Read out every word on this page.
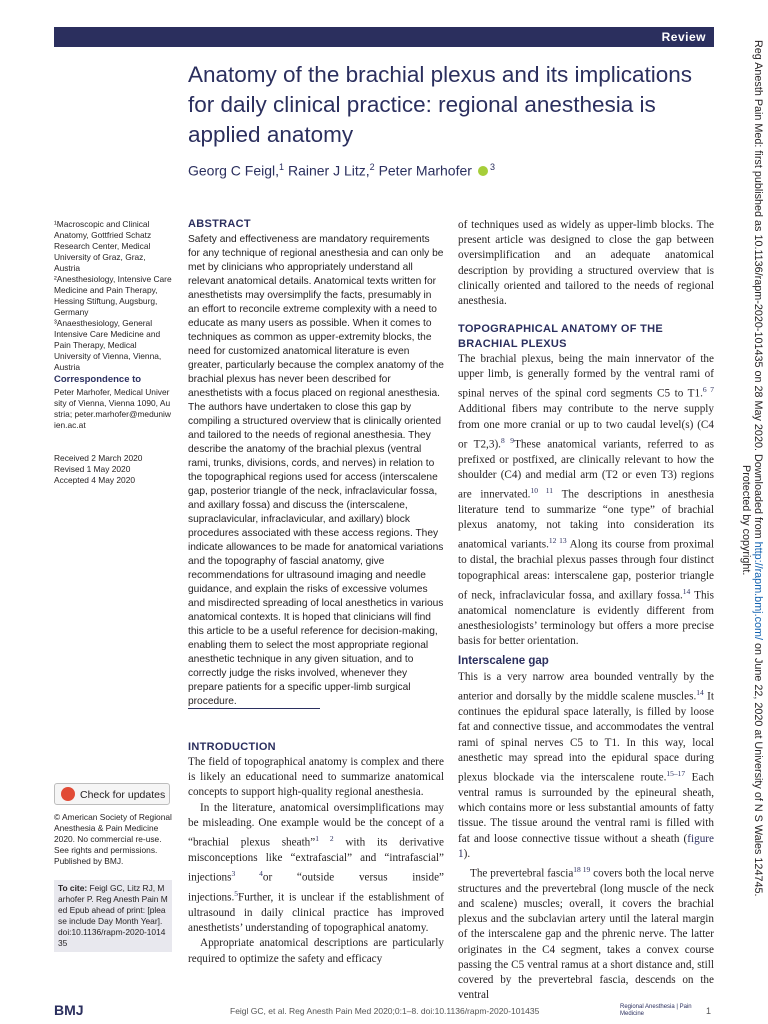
Review
Anatomy of the brachial plexus and its implications for daily clinical practice: regional anesthesia is applied anatomy
Georg C Feigl,$^1$ Rainer J Litz,$^2$ Peter Marhofer $^3$

¹Macroscopic and Clinical Anatomy, Gottfried Schatz Research Center, Medical University of Graz, Graz, Austria

²Anesthesiology, Intensive Care Medicine and Pain Therapy, Hessing Stiftung, Augsburg, Germany

³Anaesthesiology, General Intensive Care Medicine and Pain Therapy, Medical University of Vienna, Vienna, Austria

Correspondence to

Peter Marhofer, Medical University of Vienna, Vienna 1090, Austria; peter.marhofer@meduniwien.ac.at

Received 2 March 2020

Revised 1 May 2020

Accepted 4 May 2020

Check for updates

© American Society of Regional Anesthesia & Pain Medicine 2020. No commercial re-use. See rights and permissions. Published by BMJ.

To cite: Feigl GC, Litz RJ, Marhofer P. Reg Anesth Pain Med Epub ahead of print: [please include Day Month Year]. doi:10.1136/rapm-2020-101435

ABSTRACT

Safety and effectiveness are mandatory requirements for any technique of regional anesthesia and can only be met by clinicians who appropriately understand all relevant anatomical details. Anatomical texts written for anesthetists may oversimplify the facts, presumably in an effort to reconcile extreme complexity with a need to educate as many users as possible. When it comes to techniques as common as upper-extremity blocks, the need for customized anatomical literature is even greater, particularly because the complex anatomy of the brachial plexus has never been described for anesthetists with a focus placed on regional anesthesia. The authors have undertaken to close this gap by compiling a structured overview that is clinically oriented and tailored to the needs of regional anesthesia. They describe the anatomy of the brachial plexus (ventral rami, trunks, divisions, cords, and nerves) in relation to the topographical regions used for access (interscalene gap, posterior triangle of the neck, infraclavicular fossa, and axillary fossa) and discuss the (interscalene, supraclavicular, infraclavicular, and axillary) block procedures associated with these access regions. They indicate allowances to be made for anatomical variations and the topography of fascial anatomy, give recommendations for ultrasound imaging and needle guidance, and explain the risks of excessive volumes and misdirected spreading of local anesthetics in various anatomical contexts. It is hoped that clinicians will find this article to be a useful reference for decision-making, enabling them to select the most appropriate regional anesthetic technique in any given situation, and to correctly judge the risks involved, whenever they prepare patients for a specific upper-limb surgical procedure.

INTRODUCTION

The field of topographical anatomy is complex and there is likely an educational need to summarize anatomical concepts to support high-quality regional anesthesia.

In the literature, anatomical oversimplifications may be misleading. One example would be the concept of a “brachial plexus sheath”$^{1 2}$ with its derivative misconceptions like “extrafascial” and “intrafascial” injections$^{3 4}$or “outside versus inside” injections.$^5$Further, it is unclear if the establishment of ultrasound in daily clinical practice has improved anesthetists’ understanding of topographical anatomy.

Appropriate anatomical descriptions are particularly required to optimize the safety and efficacy

of techniques used as widely as upper-limb blocks. The present article was designed to close the gap between oversimplification and an adequate anatomical description by providing a structured overview that is clinically oriented and tailored to the needs of regional anesthesia.

TOPOGRAPHICAL ANATOMY OF THE BRACHIAL PLEXUS

The brachial plexus, being the main innervator of the upper limb, is generally formed by the ventral rami of spinal nerves of the spinal cord segments C5 to T1.$^{6 7}$ Additional fibers may contribute to the nerve supply from one more cranial or up to two caudal level(s) (C4 or T2,3).$^{8 9}$These anatomical variants, referred to as prefixed or postfixed, are clinically relevant to how the shoulder (C4) and medial arm (T2 or even T3) regions are innervated.$^{10 11}$ The descriptions in anesthesia literature tend to summarize “one type” of brachial plexus anatomy, not taking into consideration its anatomical variants.$^{12 13}$ Along its course from proximal to distal, the brachial plexus passes through four distinct topographical areas: interscalene gap, posterior triangle of neck, infraclavicular fossa, and axillary fossa.$^{14}$ This anatomical nomenclature is evidently different from anesthesiologists’ terminology but offers a more precise basis for better orientation.

Interscalene gap

This is a very narrow area bounded ventrally by the anterior and dorsally by the middle scalene muscles.$^{14}$ It continues the epidural space laterally, is filled by loose fat and connective tissue, and accommodates the ventral rami of spinal nerves C5 to T1. In this way, local anesthetic may spread into the epidural space during plexus blockade via the interscalene route.$^{15-17}$ Each ventral ramus is surrounded by the epineural sheath, which contains more or less substantial amounts of fatty tissue. The tissue around the ventral rami is filled with fat and loose connective tissue without a sheath (figure 1).

The prevertebral fascia$^{18 19}$ covers both the local nerve structures and the prevertebral (long muscle of the neck and scalene) muscles; overall, it covers the brachial plexus and the subclavian artery until the lateral margin of the interscalene gap and the phrenic nerve. The latter originates in the C4 segment, takes a convex course passing the C5 ventral ramus at a short distance and, still covered by the prevertebral fascia, descends on the ventral

Reg Anesth Pain Med: first published as 10.1136/rapm-2020-101435 on 28 May 2020. Downloaded from http://rapm.bmj.com/ on June 22, 2020 at University of N S Wales 124745.
Protected by copyright.
BMJ	Feigl GC, et al. Reg Anesth Pain Med 2020;0:1–8. doi:10.1136/rapm-2020-101435	Regional Anesthesia | Pain Medicine	1
